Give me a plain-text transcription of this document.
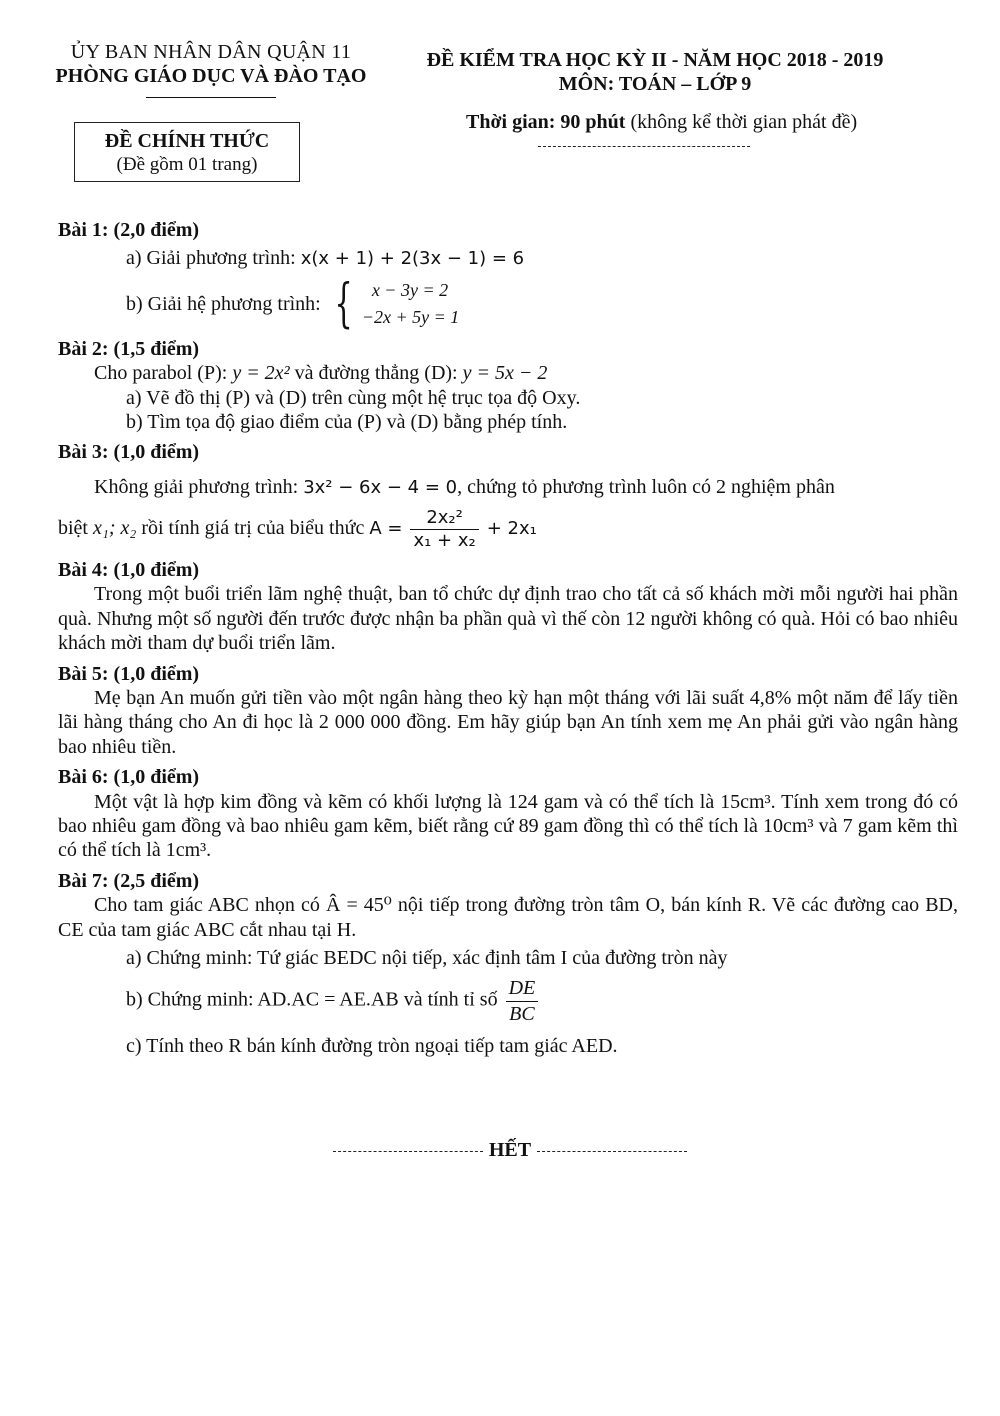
ỦY BAN NHÂN DÂN QUẬN 11
PHÒNG GIÁO DỤC VÀ ĐÀO TẠO
ĐỀ KIỂM TRA HỌC KỲ II - NĂM HỌC 2018 - 2019
MÔN: TOÁN – LỚP 9
Thời gian: 90 phút (không kể thời gian phát đề)
ĐỀ CHÍNH THỨC
(Đề gồm 01 trang)
Bài 1: (2,0 điểm)
a) Giải phương trình: x(x + 1) + 2(3x − 1) = 6
b) Giải hệ phương trình: { x − 3y = 2
−2x + 5y = 1
Bài 2: (1,5 điểm)
Cho parabol (P): y = 2x² và đường thẳng (D): y = 5x − 2
a) Vẽ đồ thị (P) và (D) trên cùng một hệ trục tọa độ Oxy.
b) Tìm tọa độ giao điểm của (P) và (D) bằng phép tính.
Bài 3: (1,0 điểm)
Không giải phương trình: 3x² − 6x − 4 = 0, chứng tỏ phương trình luôn có 2 nghiệm phân
biệt x₁; x₂ rồi tính giá trị của biểu thức $A = \frac{\text{2x₂²}}{\text{x₁ + x₂}} + 2x_1$
Bài 4: (1,0 điểm)
Trong một buổi triển lãm nghệ thuật, ban tổ chức dự định trao cho tất cả số khách mời mỗi người hai phần quà. Nhưng một số người đến trước được nhận ba phần quà vì thế còn 12 người không có quà. Hỏi có bao nhiêu khách mời tham dự buổi triển lãm.
Bài 5: (1,0 điểm)
Mẹ bạn An muốn gửi tiền vào một ngân hàng theo kỳ hạn một tháng với lãi suất 4,8% một năm để lấy tiền lãi hàng tháng cho An đi học là 2 000 000 đồng. Em hãy giúp bạn An tính xem mẹ An phải gửi vào ngân hàng bao nhiêu tiền.
Bài 6: (1,0 điểm)
Một vật là hợp kim đồng và kẽm có khối lượng là 124 gam và có thể tích là 15cm³. Tính xem trong đó có bao nhiêu gam đồng và bao nhiêu gam kẽm, biết rằng cứ 89 gam đồng thì có thể tích là 10cm³ và 7 gam kẽm thì có thể tích là 1cm³.
Bài 7: (2,5 điểm)
Cho tam giác ABC nhọn có Â = 45⁰ nội tiếp trong đường tròn tâm O, bán kính R. Vẽ các đường cao BD, CE của tam giác ABC cắt nhau tại H.
a) Chứng minh: Tứ giác BEDC nội tiếp, xác định tâm I của đường tròn này
b) Chứng minh: AD.AC = AE.AB và tính tỉ số $\frac{DE}{BC}$
c) Tính theo R bán kính đường tròn ngoại tiếp tam giác AED.
HẾT
